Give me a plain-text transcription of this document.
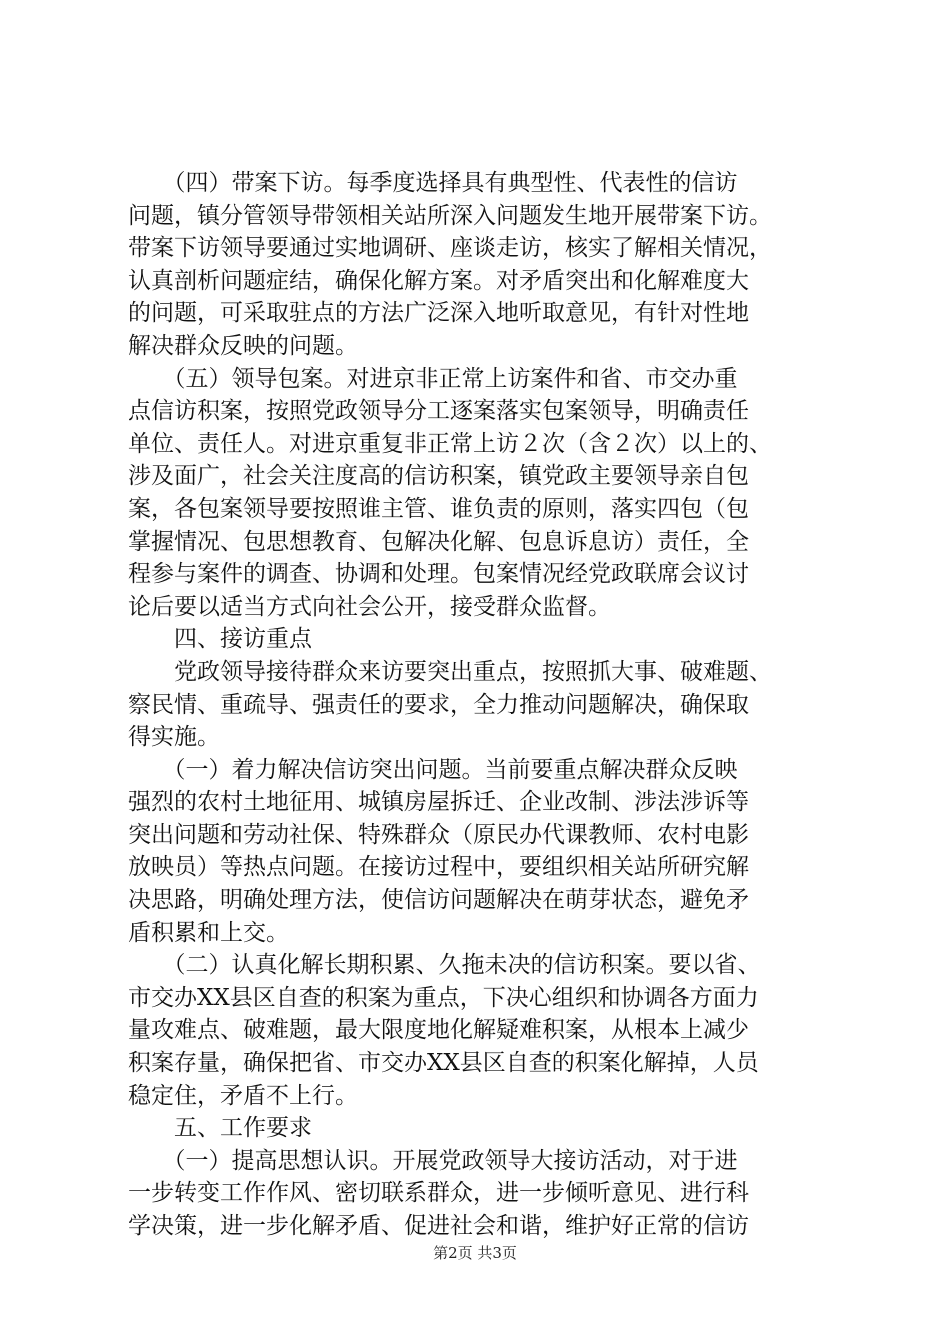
　　（四）带案下访。每季度选择具有典型性、代表性的信访
问题，镇分管领导带领相关站所深入问题发生地开展带案下访。
带案下访领导要通过实地调研、座谈走访，核实了解相关情况，
认真剖析问题症结，确保化解方案。对矛盾突出和化解难度大
的问题，可采取驻点的方法广泛深入地听取意见，有针对性地
解决群众反映的问题。
　　（五）领导包案。对进京非正常上访案件和省、市交办重
点信访积案，按照党政领导分工逐案落实包案领导，明确责任
单位、责任人。对进京重复非正常上访２次（含２次）以上的、
涉及面广，社会关注度高的信访积案，镇党政主要领导亲自包
案，各包案领导要按照谁主管、谁负责的原则，落实四包（包
掌握情况、包思想教育、包解决化解、包息诉息访）责任，全
程参与案件的调查、协调和处理。包案情况经党政联席会议讨
论后要以适当方式向社会公开，接受群众监督。
　　四、接访重点
　　党政领导接待群众来访要突出重点，按照抓大事、破难题、
察民情、重疏导、强责任的要求，全力推动问题解决，确保取
得实施。
　　（一）着力解决信访突出问题。当前要重点解决群众反映
强烈的农村土地征用、城镇房屋拆迁、企业改制、涉法涉诉等
突出问题和劳动社保、特殊群众（原民办代课教师、农村电影
放映员）等热点问题。在接访过程中，要组织相关站所研究解
决思路，明确处理方法，使信访问题解决在萌芽状态，避免矛
盾积累和上交。
　　（二）认真化解长期积累、久拖未决的信访积案。要以省、
市交办XX县区自查的积案为重点，下决心组织和协调各方面力
量攻难点、破难题，最大限度地化解疑难积案，从根本上减少
积案存量，确保把省、市交办XX县区自查的积案化解掉，人员
稳定住，矛盾不上行。
　　五、工作要求
　　（一）提高思想认识。开展党政领导大接访活动，对于进
一步转变工作作风、密切联系群众，进一步倾听意见、进行科
学决策，进一步化解矛盾、促进社会和谐，维护好正常的信访
第2页 共3页
